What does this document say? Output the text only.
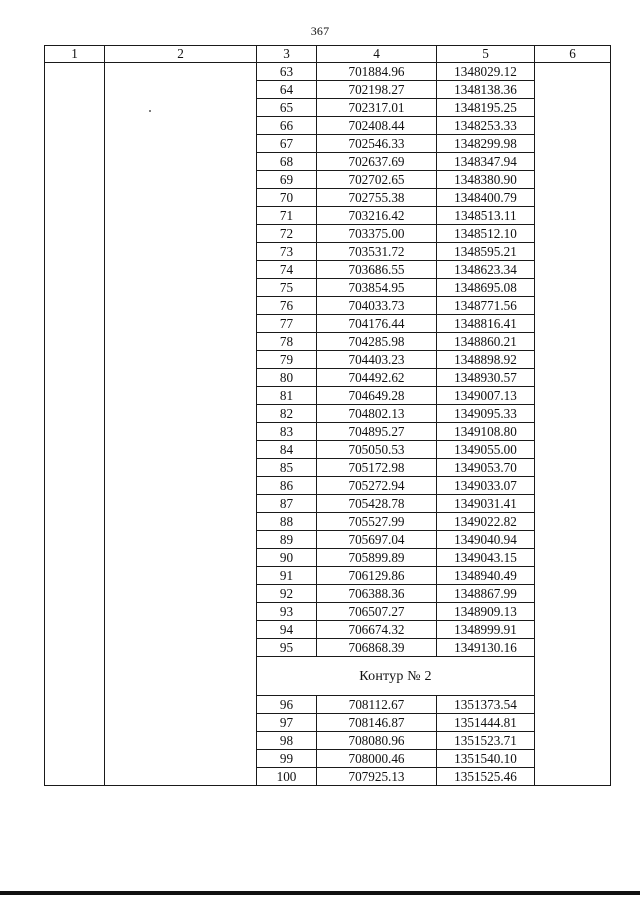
367
1	2	3	4	5	6
		63	701884.96	1348029.12	
		64	702198.27	1348138.36	
		65	702317.01	1348195.25	
		66	702408.44	1348253.33	
		67	702546.33	1348299.98	
		68	702637.69	1348347.94	
		69	702702.65	1348380.90	
		70	702755.38	1348400.79	
		71	703216.42	1348513.11	
		72	703375.00	1348512.10	
		73	703531.72	1348595.21	
		74	703686.55	1348623.34	
		75	703854.95	1348695.08	
		76	704033.73	1348771.56	
		77	704176.44	1348816.41	
		78	704285.98	1348860.21	
		79	704403.23	1348898.92	
		80	704492.62	1348930.57	
		81	704649.28	1349007.13	
		82	704802.13	1349095.33	
		83	704895.27	1349108.80	
		84	705050.53	1349055.00	
		85	705172.98	1349053.70	
		86	705272.94	1349033.07	
		87	705428.78	1349031.41	
		88	705527.99	1349022.82	
		89	705697.04	1349040.94	
		90	705899.89	1349043.15	
		91	706129.86	1348940.49	
		92	706388.36	1348867.99	
		93	706507.27	1348909.13	
		94	706674.32	1348999.91	
		95	706868.39	1349130.16	
		Контур № 2			
		96	708112.67	1351373.54	
		97	708146.87	1351444.81	
		98	708080.96	1351523.71	
		99	708000.46	1351540.10	
		100	707925.13	1351525.46	
